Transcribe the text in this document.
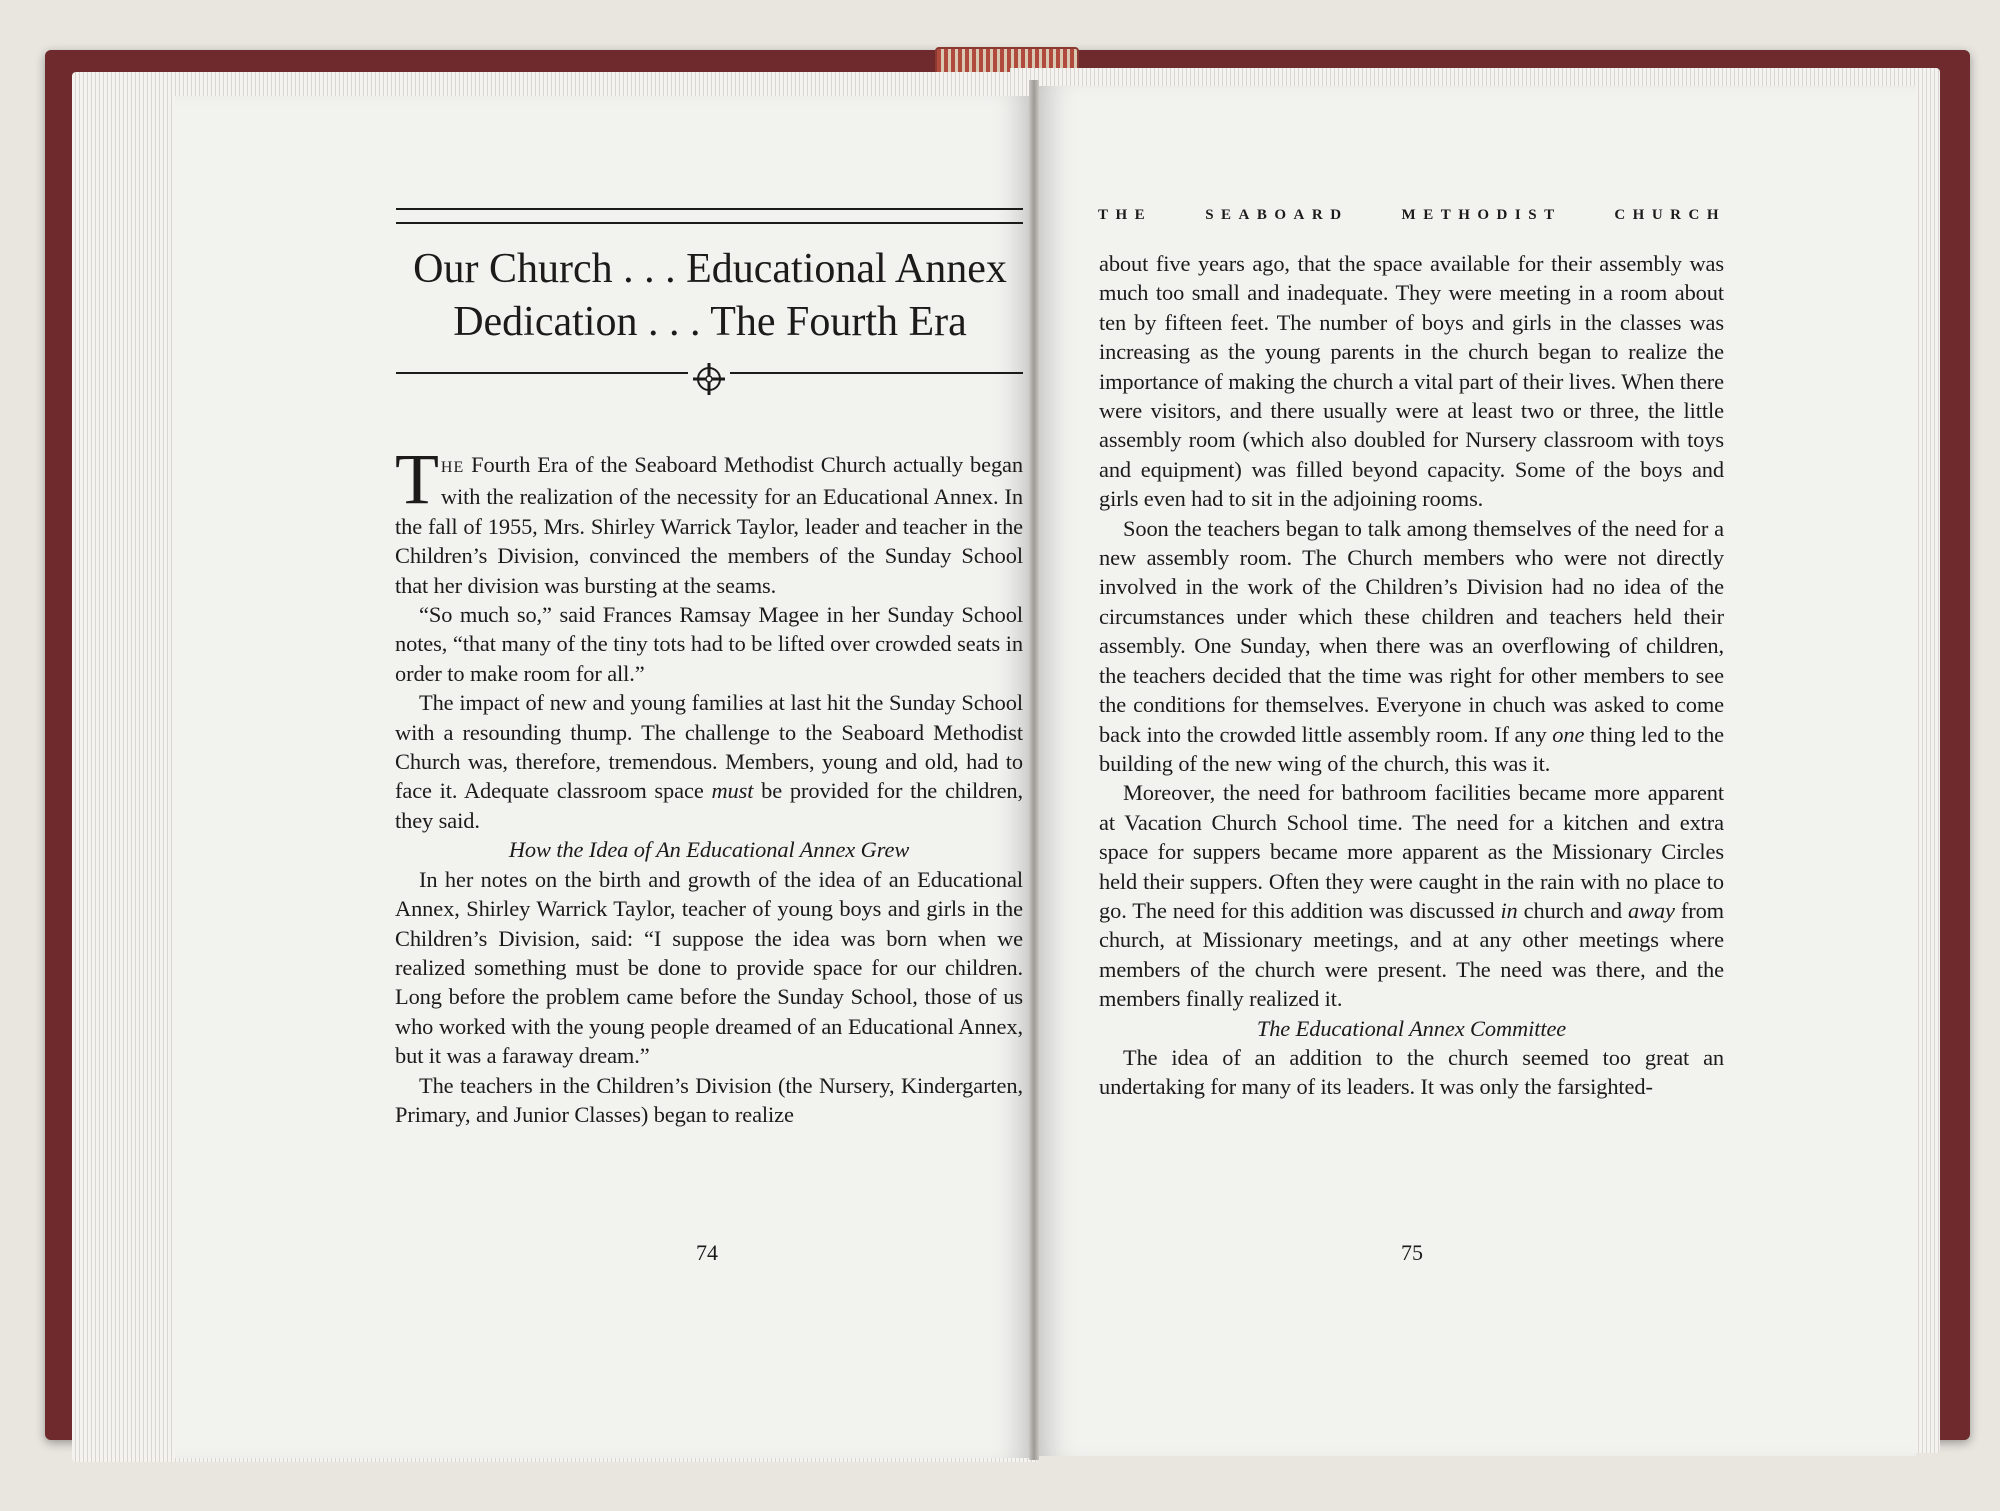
Our Church . . . Educational Annex
Dedication . . . The Fourth Era

THE Fourth Era of the Seaboard Methodist Church actually began with the realization of the necessity for an Educational Annex. In the fall of 1955, Mrs. Shirley Warrick Taylor, leader and teacher in the Children’s Division, convinced the members of the Sunday School that her division was bursting at the seams.

“So much so,” said Frances Ramsay Magee in her Sunday School notes, “that many of the tiny tots had to be lifted over crowded seats in order to make room for all.”

The impact of new and young families at last hit the Sunday School with a resounding thump. The challenge to the Seaboard Methodist Church was, therefore, tremendous. Members, young and old, had to face it. Adequate classroom space must be provided for the children, they said.

How the Idea of An Educational Annex Grew

In her notes on the birth and growth of the idea of an Educational Annex, Shirley Warrick Taylor, teacher of young boys and girls in the Children’s Division, said: “I suppose the idea was born when we realized something must be done to provide space for our children. Long before the problem came before the Sunday School, those of us who worked with the young people dreamed of an Educational Annex, but it was a faraway dream.”

The teachers in the Children’s Division (the Nursery, Kindergarten, Primary, and Junior Classes) began to realize

74
THE SEABOARD METHODIST CHURCH

about five years ago, that the space available for their assembly was much too small and inadequate. They were meeting in a room about ten by fifteen feet. The number of boys and girls in the classes was increasing as the young parents in the church began to realize the importance of making the church a vital part of their lives. When there were visitors, and there usually were at least two or three, the little assembly room (which also doubled for Nursery classroom with toys and equipment) was filled beyond capacity. Some of the boys and girls even had to sit in the adjoining rooms.

Soon the teachers began to talk among themselves of the need for a new assembly room. The Church members who were not directly involved in the work of the Children’s Division had no idea of the circumstances under which these children and teachers held their assembly. One Sunday, when there was an overflowing of children, the teachers decided that the time was right for other members to see the conditions for themselves. Everyone in chuch was asked to come back into the crowded little assembly room. If any one thing led to the building of the new wing of the church, this was it.

Moreover, the need for bathroom facilities became more apparent at Vacation Church School time. The need for a kitchen and extra space for suppers became more apparent as the Missionary Circles held their suppers. Often they were caught in the rain with no place to go. The need for this addition was discussed in church and away from church, at Missionary meetings, and at any other meetings where members of the church were present. The need was there, and the members finally realized it.

The Educational Annex Committee

The idea of an addition to the church seemed too great an undertaking for many of its leaders. It was only the farsighted-

75
